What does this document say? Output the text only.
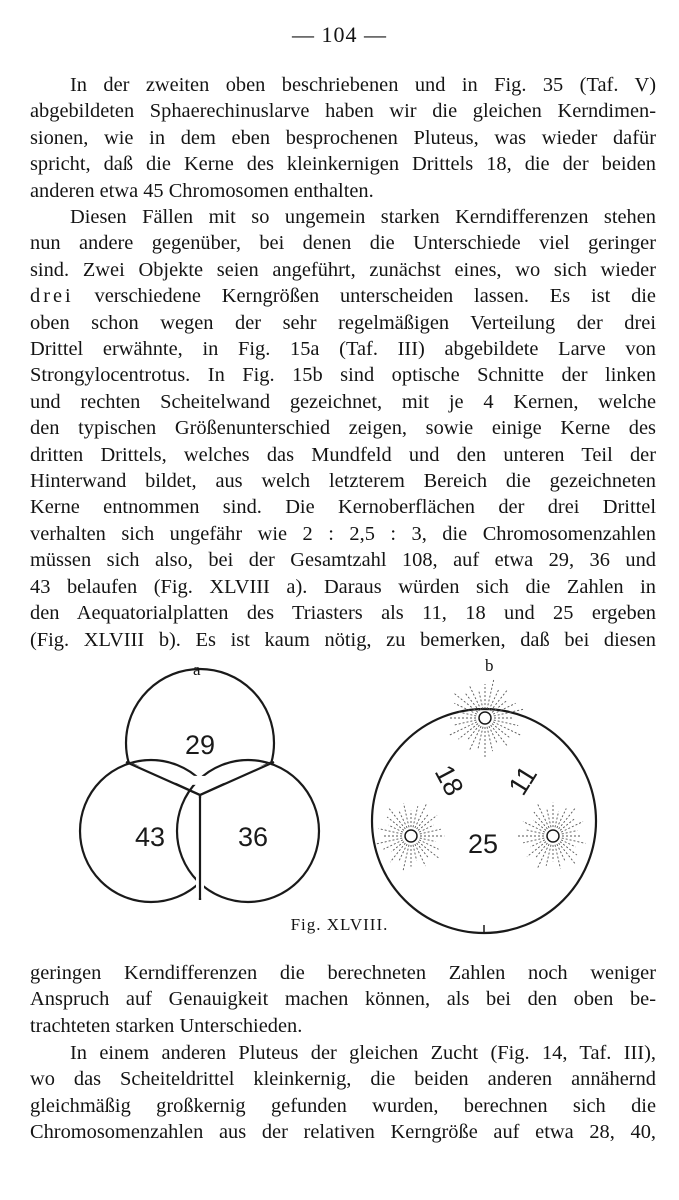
— 104 —
In der zweiten oben beschriebenen und in Fig. 35 (Taf. V)
abgebildeten Sphaerechinuslarve haben wir die gleichen Kerndimen-
sionen, wie in dem eben besprochenen Pluteus, was wieder dafür
spricht, daß die Kerne des kleinkernigen Drittels 18, die der beiden
anderen etwa 45 Chromosomen enthalten.
Diesen Fällen mit so ungemein starken Kerndifferenzen stehen
nun andere gegenüber, bei denen die Unterschiede viel geringer
sind. Zwei Objekte seien angeführt, zunächst eines, wo sich wieder
drei verschiedene Kerngrößen unterscheiden lassen. Es ist die
oben schon wegen der sehr regelmäßigen Verteilung der drei
Drittel erwähnte, in Fig. 15a (Taf. III) abgebildete Larve von
Strongylocentrotus. In Fig. 15b sind optische Schnitte der linken
und rechten Scheitelwand gezeichnet, mit je 4 Kernen, welche
den typischen Größenunterschied zeigen, sowie einige Kerne des
dritten Drittels, welches das Mundfeld und den unteren Teil der
Hinterwand bildet, aus welch letzterem Bereich die gezeichneten
Kerne entnommen sind. Die Kernoberflächen der drei Drittel
verhalten sich ungefähr wie 2 : 2,5 : 3, die Chromosomenzahlen
müssen sich also, bei der Gesamtzahl 108, auf etwa 29, 36 und
43 belaufen (Fig. XLVIII a). Daraus würden sich die Zahlen in
den Aequatorialplatten des Triasters als 11, 18 und 25 ergeben
(Fig. XLVIII b). Es ist kaum nötig, zu bemerken, daß bei diesen
a	b
29
43	36
18 11
25
Fig. XLVIII.
geringen Kerndifferenzen die berechneten Zahlen noch weniger
Anspruch auf Genauigkeit machen können, als bei den oben be-
trachteten starken Unterschieden.
In einem anderen Pluteus der gleichen Zucht (Fig. 14, Taf. III),
wo das Scheiteldrittel kleinkernig, die beiden anderen annähernd
gleichmäßig großkernig gefunden wurden, berechnen sich die
Chromosomenzahlen aus der relativen Kerngröße auf etwa 28, 40,
